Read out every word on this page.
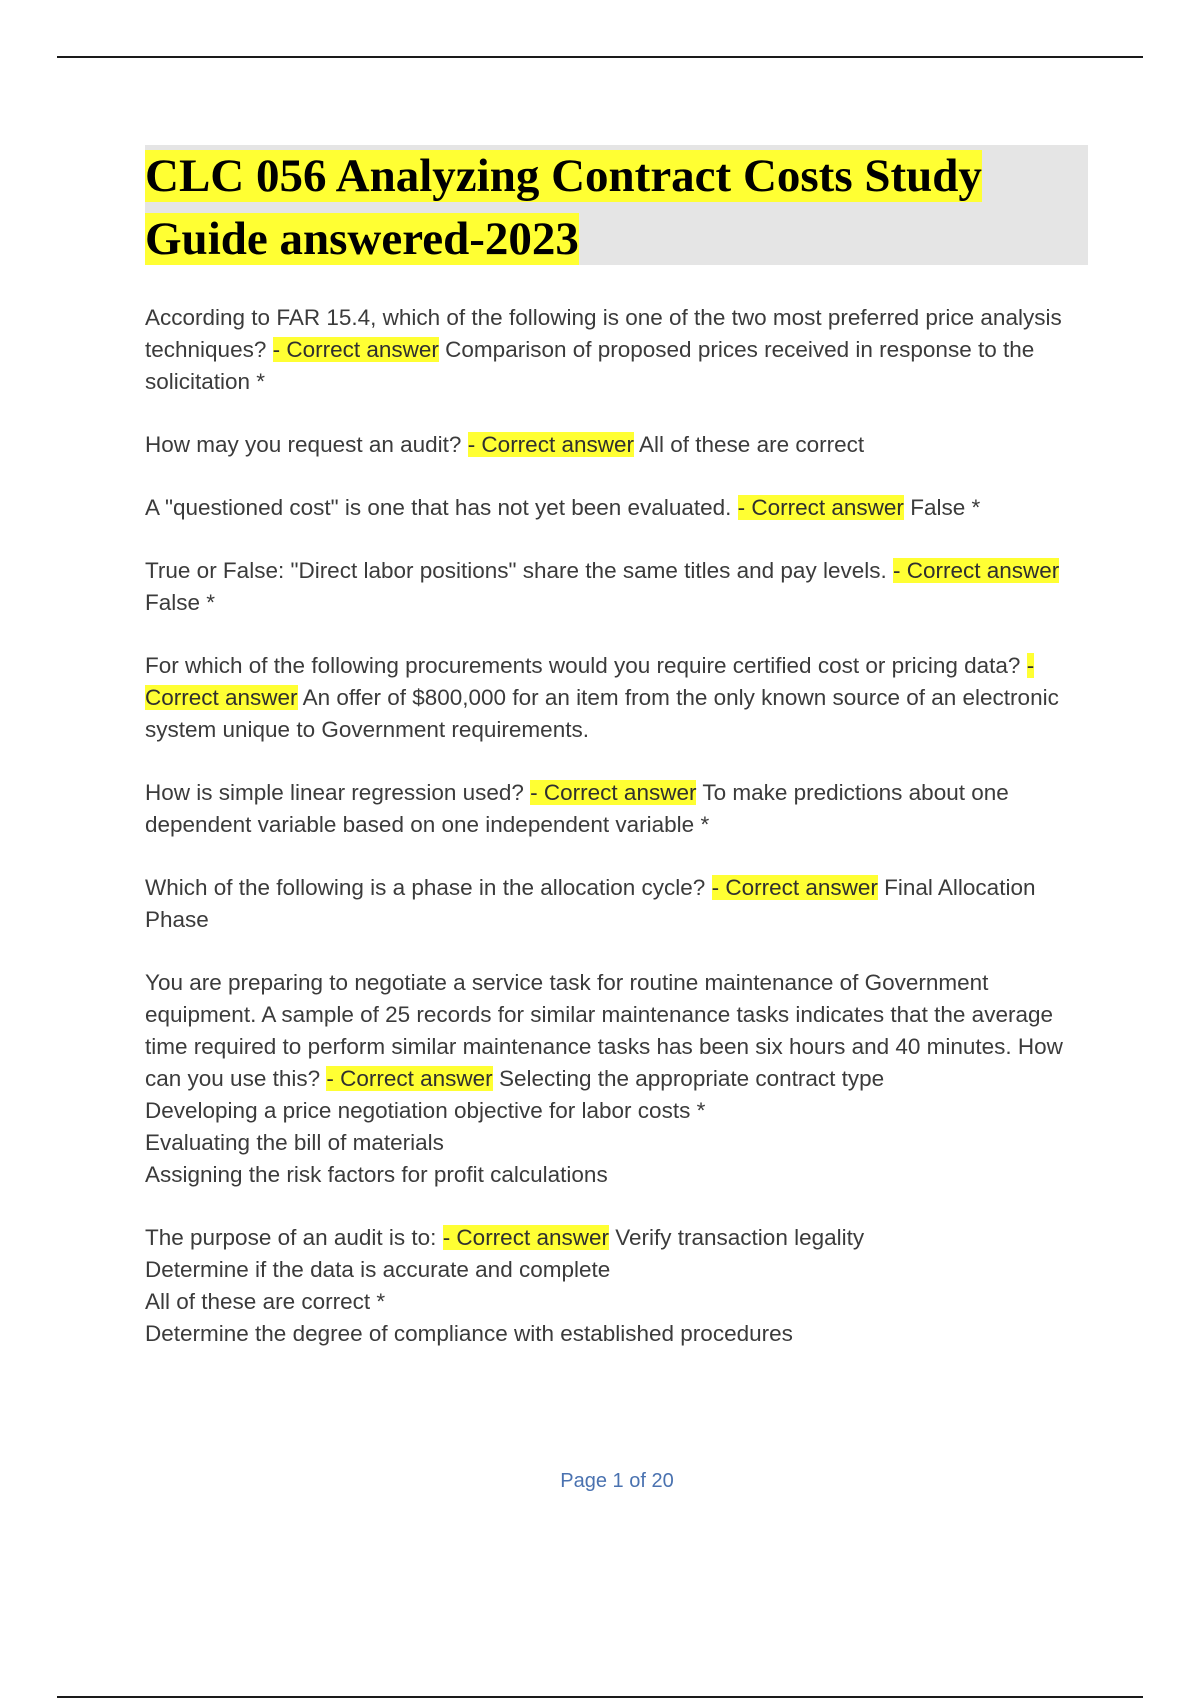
CLC 056 Analyzing Contract Costs Study
Guide answered-2023

According to FAR 15.4, which of the following is one of the two most preferred price analysis techniques? - Correct answer Comparison of proposed prices received in response to the solicitation *

How may you request an audit? - Correct answer All of these are correct

A "questioned cost" is one that has not yet been evaluated. - Correct answer False *

True or False: "Direct labor positions" share the same titles and pay levels. - Correct answer False *

For which of the following procurements would you require certified cost or pricing data? - Correct answer An offer of $800,000 for an item from the only known source of an electronic system unique to Government requirements.

How is simple linear regression used? - Correct answer To make predictions about one dependent variable based on one independent variable *

Which of the following is a phase in the allocation cycle? - Correct answer Final Allocation Phase

You are preparing to negotiate a service task for routine maintenance of Government equipment. A sample of 25 records for similar maintenance tasks indicates that the average time required to perform similar maintenance tasks has been six hours and 40 minutes. How can you use this? - Correct answer Selecting the appropriate contract type
Developing a price negotiation objective for labor costs *
Evaluating the bill of materials
Assigning the risk factors for profit calculations

The purpose of an audit is to: - Correct answer Verify transaction legality
Determine if the data is accurate and complete
All of these are correct *
Determine the degree of compliance with established procedures

Page 1 of 20
